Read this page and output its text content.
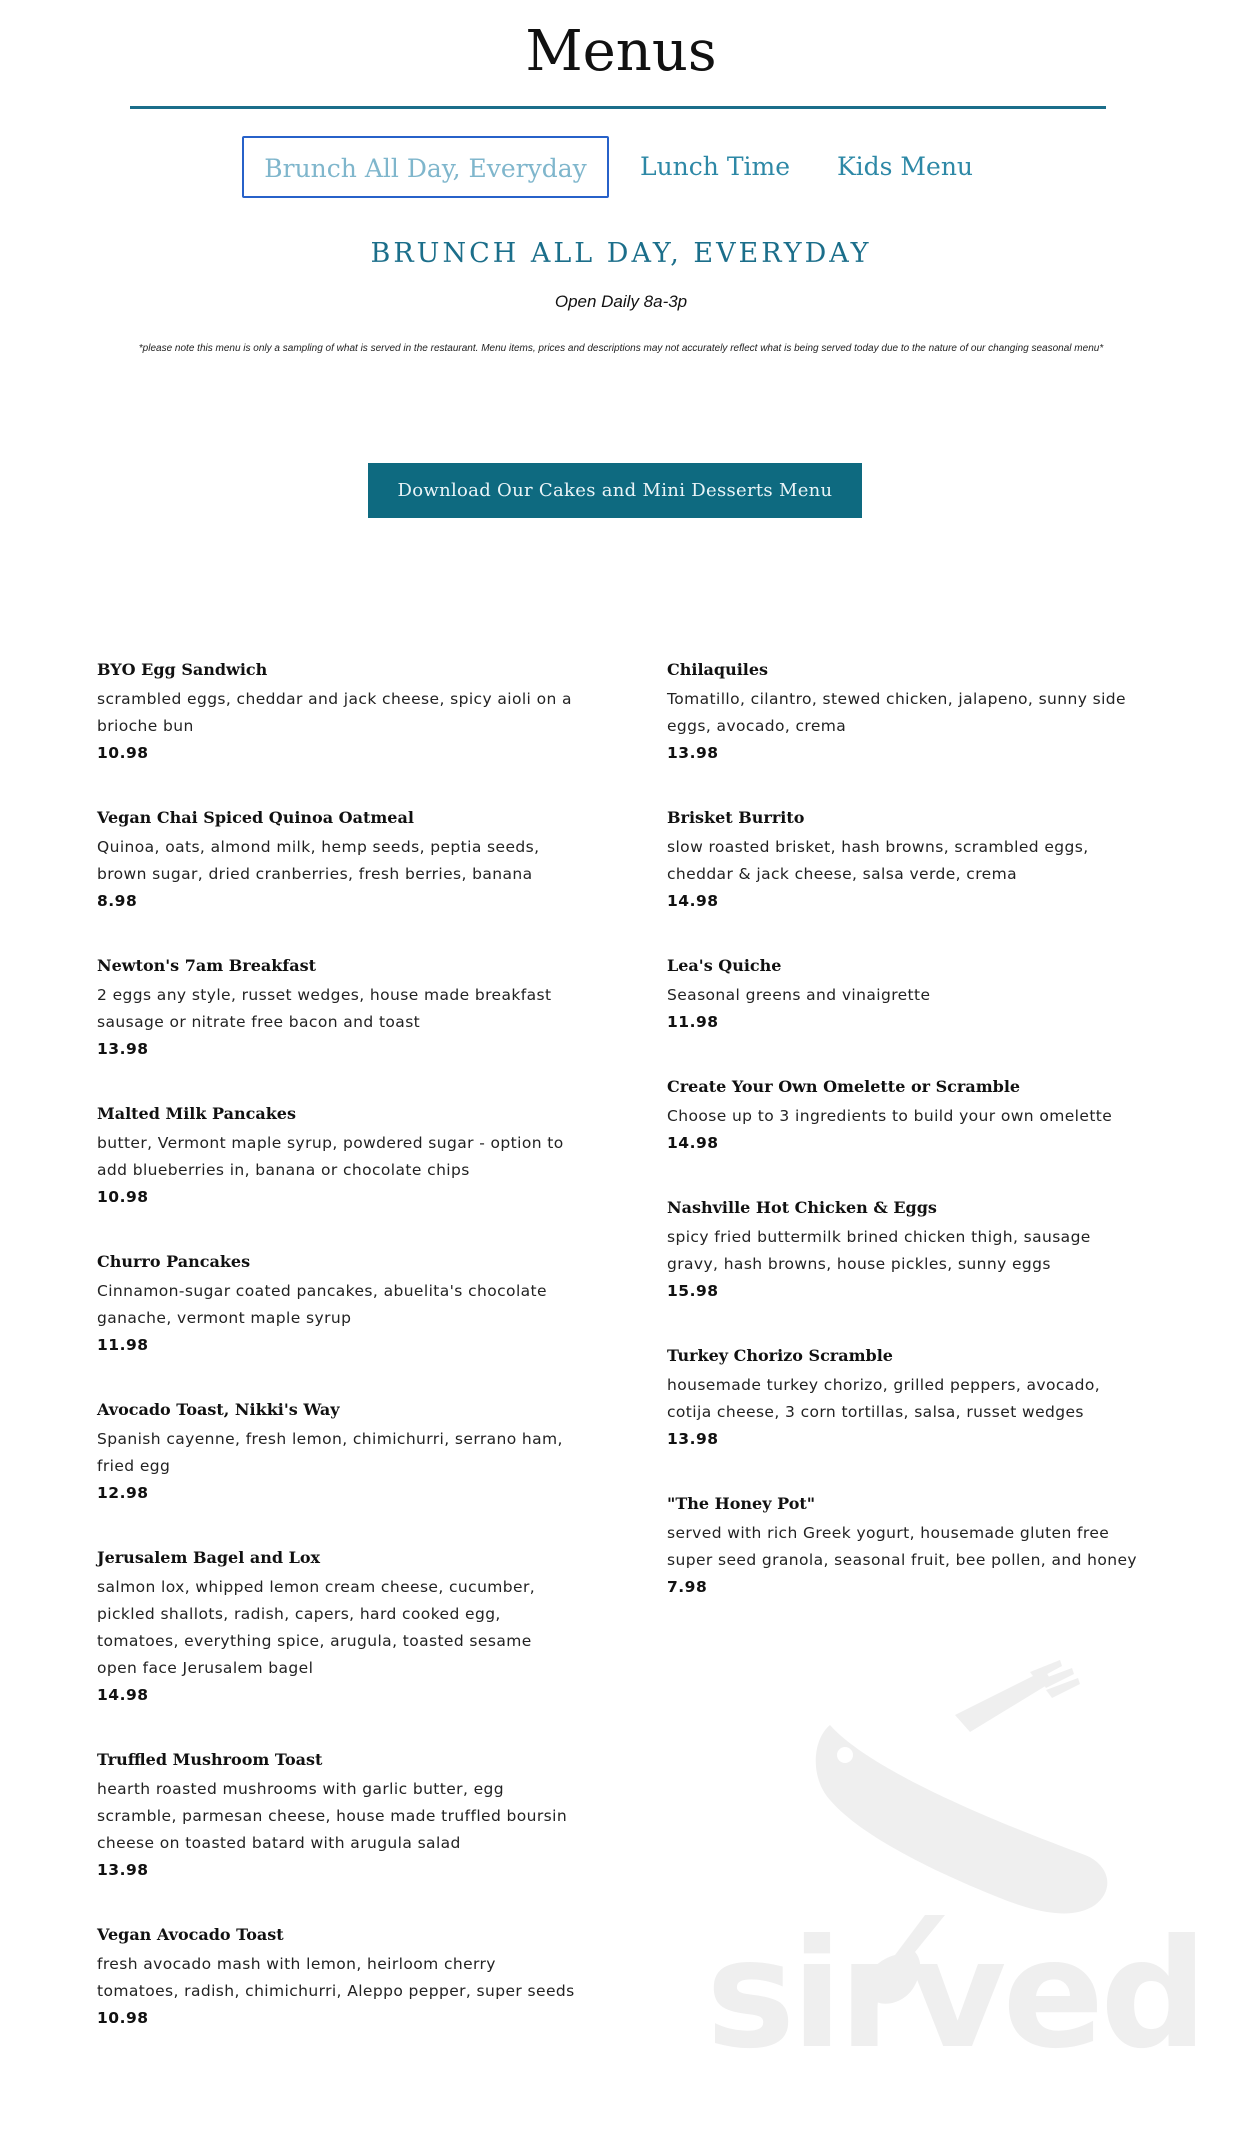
Menus
Brunch All Day, Everyday	Lunch Time	Kids Menu
BRUNCH ALL DAY, EVERYDAY
Open Daily 8a-3p
*please note this menu is only a sampling of what is served in the restaurant. Menu items, prices and descriptions may not accurately reflect what is being served today due to the nature of our changing seasonal menu*
Download Our Cakes and Mini Desserts Menu
sirved
BYO Egg Sandwich
scrambled eggs, cheddar and jack cheese, spicy aioli on a brioche bun
10.98
Vegan Chai Spiced Quinoa Oatmeal
Quinoa, oats, almond milk, hemp seeds, peptia seeds, brown sugar, dried cranberries, fresh berries, banana
8.98
Newton's 7am Breakfast
2 eggs any style, russet wedges, house made breakfast sausage or nitrate free bacon and toast
13.98
Malted Milk Pancakes
butter, Vermont maple syrup, powdered sugar - option to add blueberries in, banana or chocolate chips
10.98
Churro Pancakes
Cinnamon-sugar coated pancakes, abuelita's chocolate ganache, vermont maple syrup
11.98
Avocado Toast, Nikki's Way
Spanish cayenne, fresh lemon, chimichurri, serrano ham, fried egg
12.98
Jerusalem Bagel and Lox
salmon lox, whipped lemon cream cheese, cucumber, pickled shallots, radish, capers, hard cooked egg, tomatoes, everything spice, arugula, toasted sesame open face Jerusalem bagel
14.98
Truffled Mushroom Toast
hearth roasted mushrooms with garlic butter, egg scramble, parmesan cheese, house made truffled boursin cheese on toasted batard with arugula salad
13.98
Vegan Avocado Toast
fresh avocado mash with lemon, heirloom cherry tomatoes, radish, chimichurri, Aleppo pepper, super seeds
10.98
Chilaquiles
Tomatillo, cilantro, stewed chicken, jalapeno, sunny side eggs, avocado, crema
13.98
Brisket Burrito
slow roasted brisket, hash browns, scrambled eggs, cheddar & jack cheese, salsa verde, crema
14.98
Lea's Quiche
Seasonal greens and vinaigrette
11.98
Create Your Own Omelette or Scramble
Choose up to 3 ingredients to build your own omelette
14.98
Nashville Hot Chicken & Eggs
spicy fried buttermilk brined chicken thigh, sausage gravy, hash browns, house pickles, sunny eggs
15.98
Turkey Chorizo Scramble
housemade turkey chorizo, grilled peppers, avocado, cotija cheese, 3 corn tortillas, salsa, russet wedges
13.98
"The Honey Pot"
served with rich Greek yogurt, housemade gluten free super seed granola, seasonal fruit, bee pollen, and honey
7.98
